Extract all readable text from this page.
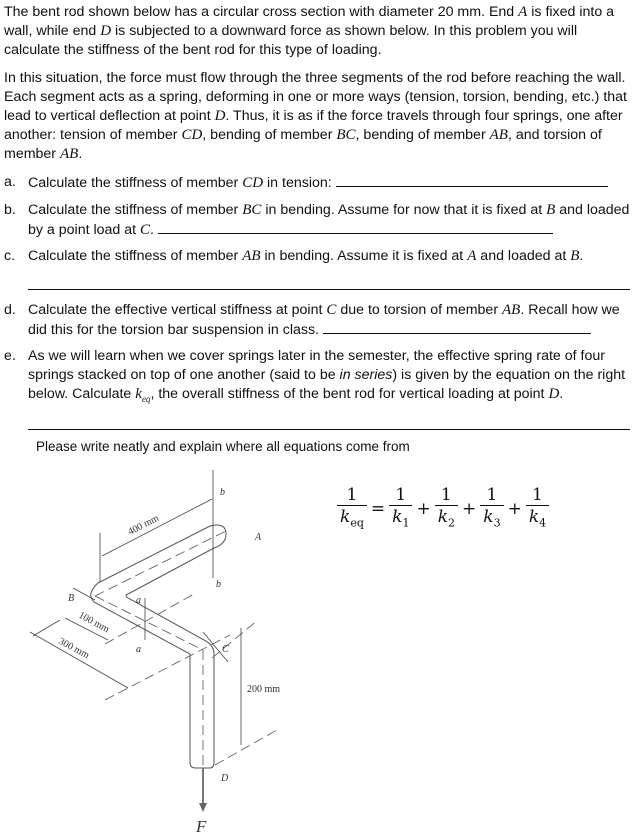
The bent rod shown below has a circular cross section with diameter 20 mm. End A is fixed into a wall, while end D is subjected to a downward force as shown below. In this problem you will calculate the stiffness of the bent rod for this type of loading.
In this situation, the force must flow through the three segments of the rod before reaching the wall. Each segment acts as a spring, deforming in one or more ways (tension, torsion, bending, etc.) that lead to vertical deflection at point D. Thus, it is as if the force travels through four springs, one after another: tension of member CD, bending of member BC, bending of member AB, and torsion of member AB.
a. Calculate the stiffness of member CD in tension:
b. Calculate the stiffness of member BC in bending. Assume for now that it is fixed at B and loaded by a point load at C.
c. Calculate the stiffness of member AB in bending. Assume it is fixed at A and loaded at B.
d. Calculate the effective vertical stiffness at point C due to torsion of member AB. Recall how we did this for the torsion bar suspension in class.
e. As we will learn when we cover springs later in the semester, the effective spring rate of four springs stacked on top of one another (said to be in series) is given by the equation on the right below. Calculate $k_{eq}$, the overall stiffness of the bent rod for vertical loading at point D.
Please write neatly and explain where all equations come from
$\frac{1}{k_{eq}} = \frac{1}{k_1} + \frac{1}{k_2} + \frac{1}{k_3} + \frac{1}{k_4}$
A
B
C
D
F
b
b
a
a
400 mm
100 mm
300 mm
200 mm
